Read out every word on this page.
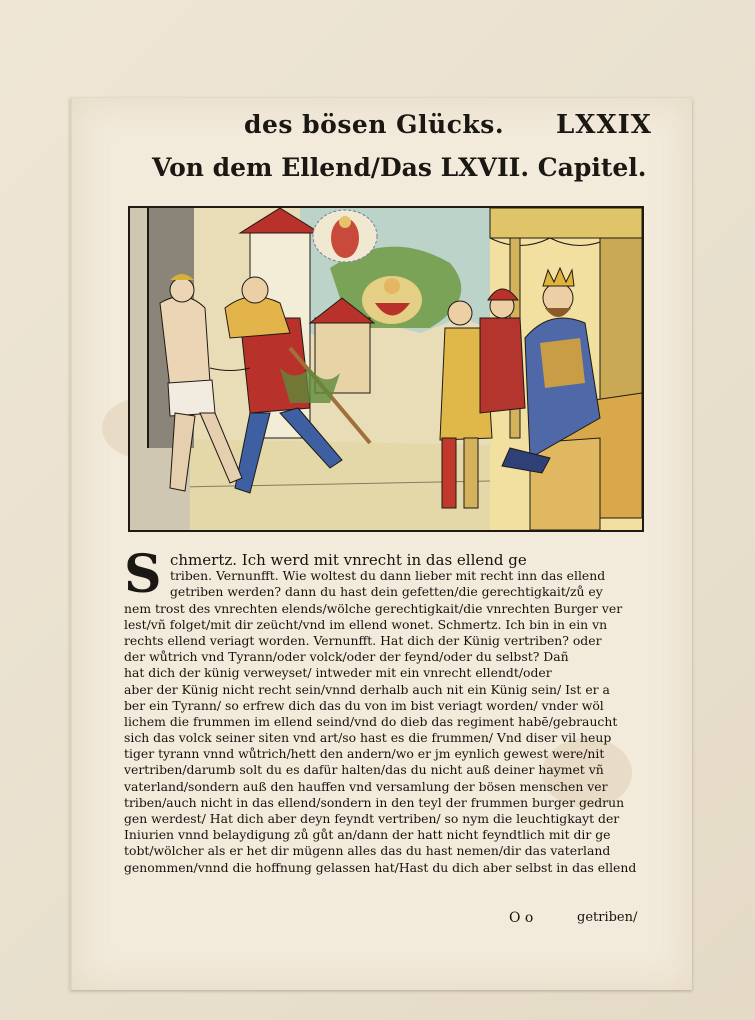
des bösen Glücks. LXXIX
Von dem Ellend/Das LXVII. Capitel.
S chmertz. Ich werd mit vnrecht in das ellend ge
triben. Vernunfft. Wie woltest du dann lieber mit recht inn das ellend
getriben werden? dann du hast dein gefetten/die gerechtigkait/zů ey
nem trost des vnrechten elends/wölche gerechtigkait/die vnrechten Burger ver
lest/vñ folget/mit dir zeücht/vnd im ellend wonet. Schmertz. Ich bin in ein vn
rechts ellend veriagt worden. Vernunfft. Hat dich der Künig vertriben? oder
der wůtrich vnd Tyrann/oder volck/oder der feynd/oder du selbst? Dañ
hat dich der künig verweyset/ intweder mit ein vnrecht ellendt/oder
aber der Künig nicht recht sein/vnnd derhalb auch nit ein Künig sein/ Ist er a
ber ein Tyrann/ so erfrew dich das du von im bist veriagt worden/ vnder wöl
lichem die frummen im ellend seind/vnd do dieb das regiment habē/gebraucht
sich das volck seiner siten vnd art/so hast es die frummen/ Vnd diser vil heup
tiger tyrann vnnd wůtrich/hett den andern/wo er jm eynlich gewest were/nit
vertriben/darumb solt du es dafür halten/das du nicht auß deiner haymet vñ
vaterland/sondern auß den hauffen vnd versamlung der bösen menschen ver
triben/auch nicht in das ellend/sondern in den teyl der frummen burger gedrun
gen werdest/ Hat dich aber deyn feyndt vertriben/ so nym die leuchtigkayt der
Iniurien vnnd belaydigung zů gůt an/dann der hatt nicht feyndtlich mit dir ge
tobt/wölcher als er het dir mügenn alles das du hast nemen/dir das vaterland
genommen/vnnd die hoffnung gelassen hat/Hast du dich aber selbst in das ellend
O o	getriben/
